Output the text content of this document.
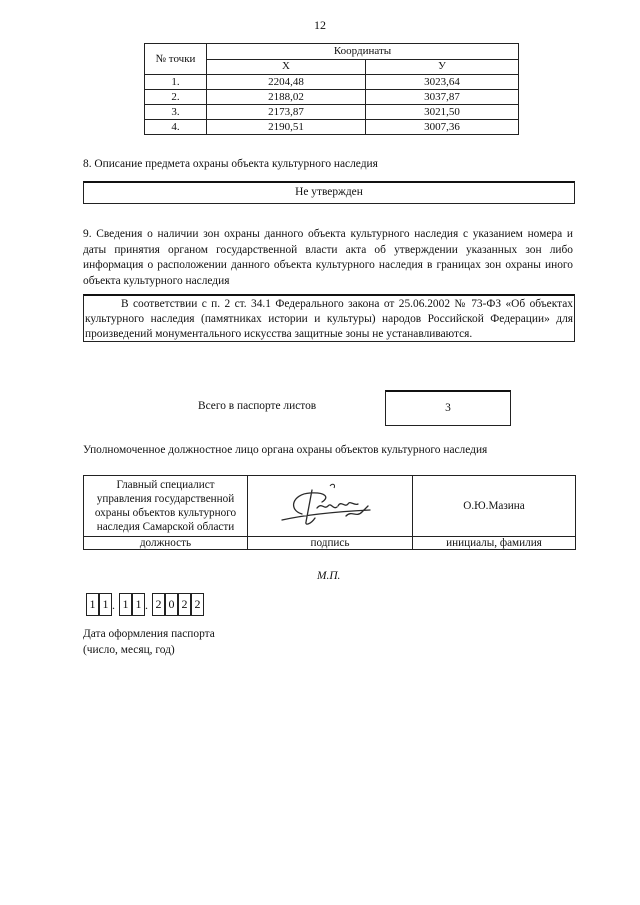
12
№ точки	Координаты	
	Х	У
1.	2204,48	3023,64
2.	2188,02	3037,87
3.	2173,87	3021,50
4.	2190,51	3007,36
8. Описание предмета охраны объекта культурного наследия
Не утвержден
9. Сведения о наличии зон охраны данного объекта культурного наследия с указанием номера и даты принятия органом государственной власти акта об утверждении указанных зон либо информация о расположении данного объекта культурного наследия в границах зон охраны иного объекта культурного наследия
В соответствии с п. 2 ст. 34.1 Федерального закона от 25.06.2002 № 73-ФЗ «Об объектах культурного наследия (памятниках истории и культуры) народов Российской Федерации» для произведений монументального искусства защитные зоны не устанавливаются.
Всего в паспорте листов	3
Уполномоченное должностное лицо органа охраны объектов культурного наследия
Главный специалист управления государственной охраны объектов культурного наследия Самарской области		О.Ю.Мазина
должность	подпись	инициалы, фамилия
М.П.
1 1 . 1 1 . 2 0 2 2
Дата оформления паспорта
(число, месяц, год)
